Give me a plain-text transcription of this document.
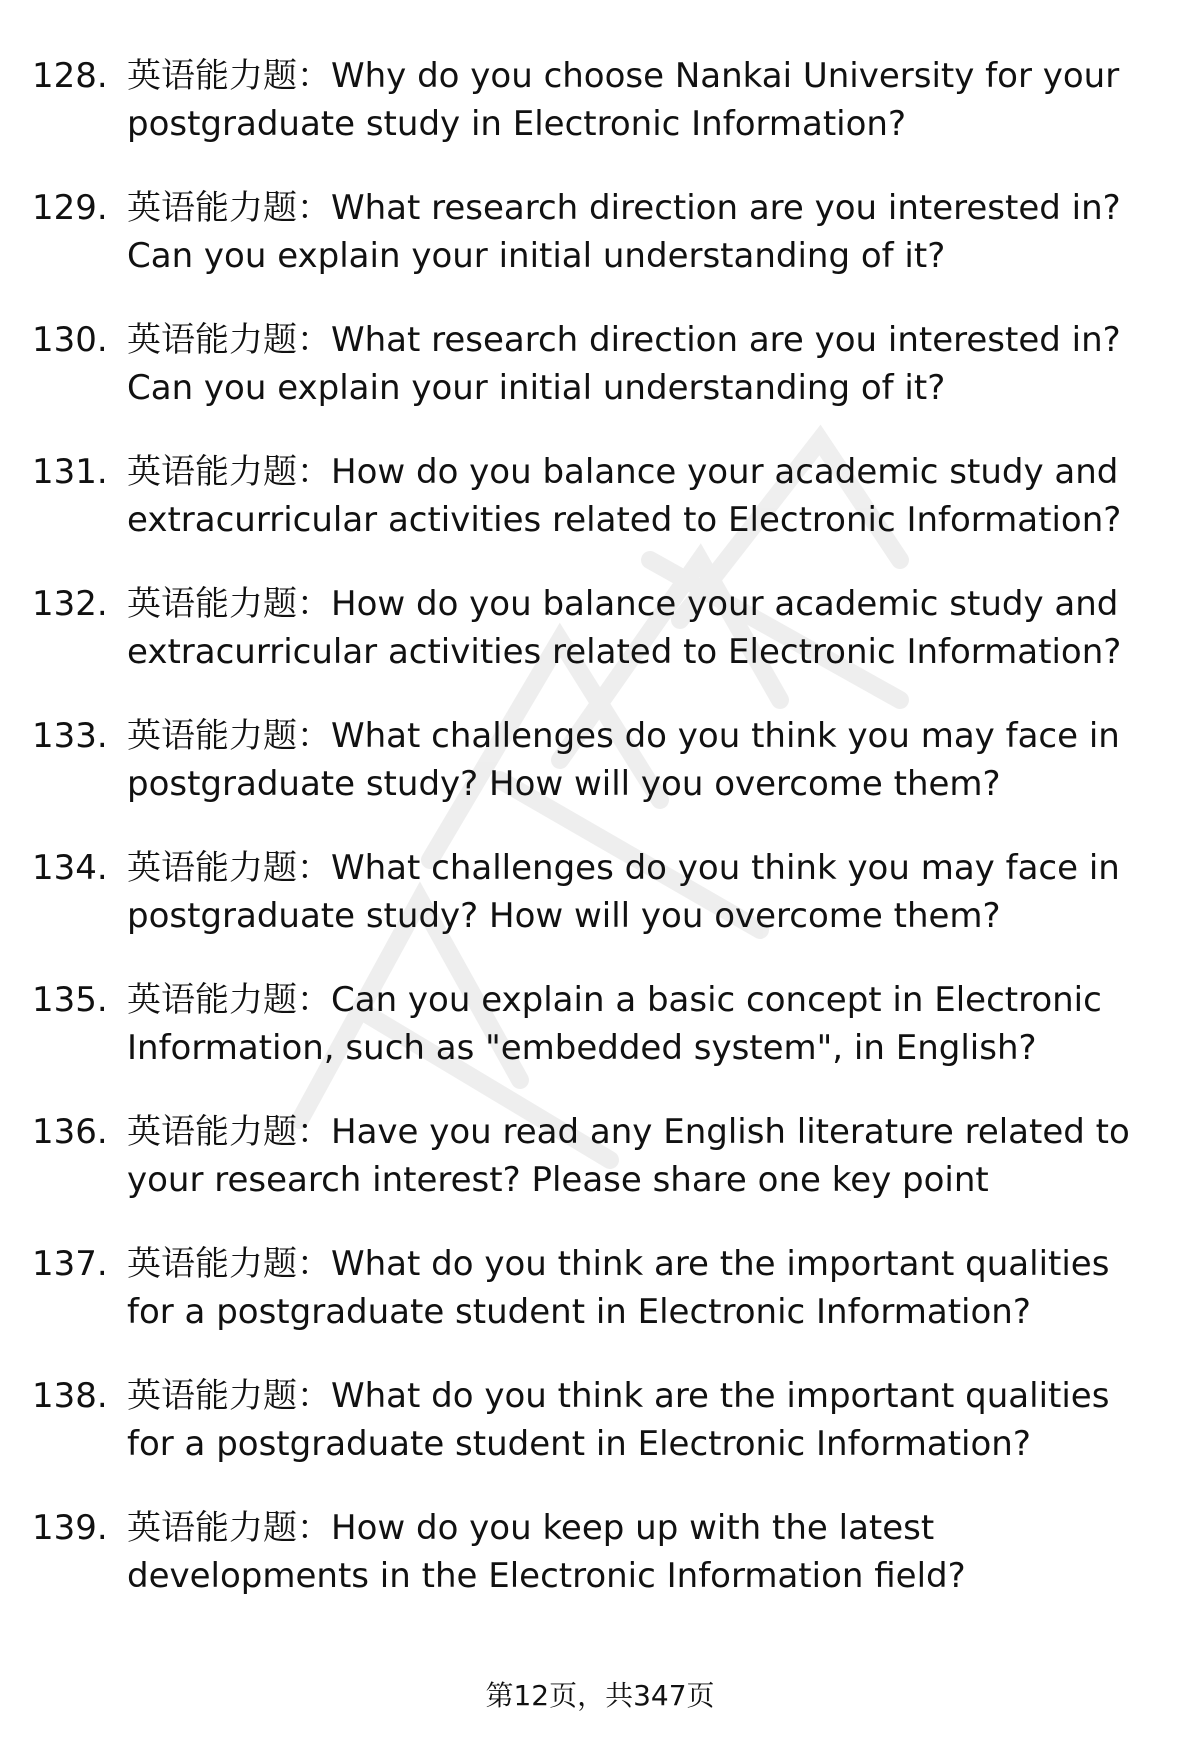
128. 英语能力题：Why do you choose Nankai University for your
postgraduate study in Electronic Information?
129. 英语能力题：What research direction are you interested in?
Can you explain your initial understanding of it?
130. 英语能力题：What research direction are you interested in?
Can you explain your initial understanding of it?
131. 英语能力题：How do you balance your academic study and
extracurricular activities related to Electronic Information?
132. 英语能力题：How do you balance your academic study and
extracurricular activities related to Electronic Information?
133. 英语能力题：What challenges do you think you may face in
postgraduate study? How will you overcome them?
134. 英语能力题：What challenges do you think you may face in
postgraduate study? How will you overcome them?
135. 英语能力题：Can you explain a basic concept in Electronic
Information, such as "embedded system", in English?
136. 英语能力题：Have you read any English literature related to
your research interest? Please share one key point
137. 英语能力题：What do you think are the important qualities
for a postgraduate student in Electronic Information?
138. 英语能力题：What do you think are the important qualities
for a postgraduate student in Electronic Information?
139. 英语能力题：How do you keep up with the latest
developments in the Electronic Information field?
第12页，共347页
